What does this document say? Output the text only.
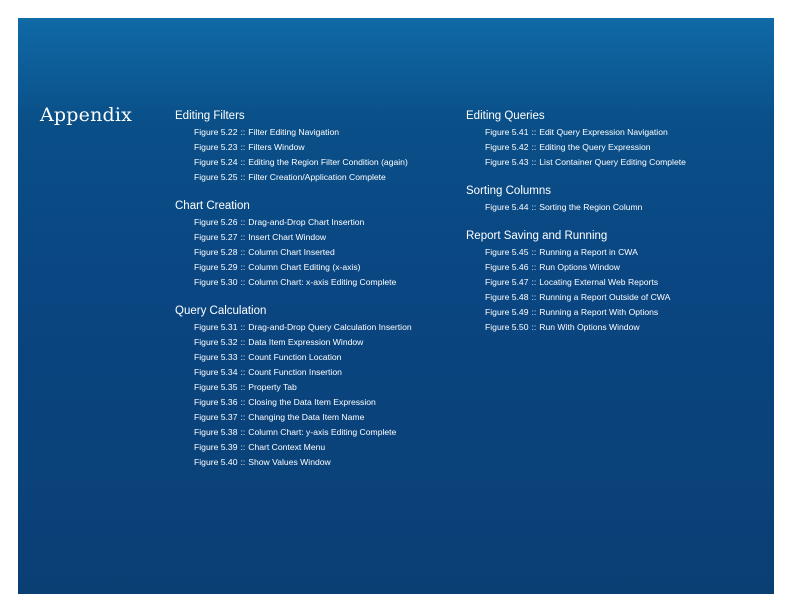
Appendix	Editing Filters
Figure 5.22 :: Filter Editing Navigation
Figure 5.23 :: Filters Window
Figure 5.24 :: Editing the Region Filter Condition (again)
Figure 5.25 :: Filter Creation/Application Complete
Chart Creation
Figure 5.26 :: Drag-and-Drop Chart Insertion
Figure 5.27 :: Insert Chart Window
Figure 5.28 :: Column Chart Inserted
Figure 5.29 :: Column Chart Editing (x-axis)
Figure 5.30 :: Column Chart: x-axis Editing Complete
Query Calculation
Figure 5.31 :: Drag-and-Drop Query Calculation Insertion
Figure 5.32 :: Data Item Expression Window
Figure 5.33 :: Count Function Location
Figure 5.34 :: Count Function Insertion
Figure 5.35 :: Property Tab
Figure 5.36 :: Closing the Data Item Expression
Figure 5.37 :: Changing the Data Item Name
Figure 5.38 :: Column Chart: y-axis Editing Complete
Figure 5.39 :: Chart Context Menu
Figure 5.40 :: Show Values Window
Editing Queries
Figure 5.41 :: Edit Query Expression Navigation
Figure 5.42 :: Editing the Query Expression
Figure 5.43 :: List Container Query Editing Complete
Sorting Columns
Figure 5.44 :: Sorting the Region Column
Report Saving and Running
Figure 5.45 :: Running a Report in CWA
Figure 5.46 :: Run Options Window
Figure 5.47 :: Locating External Web Reports
Figure 5.48 :: Running a Report Outside of CWA
Figure 5.49 :: Running a Report With Options
Figure 5.50 :: Run With Options Window
